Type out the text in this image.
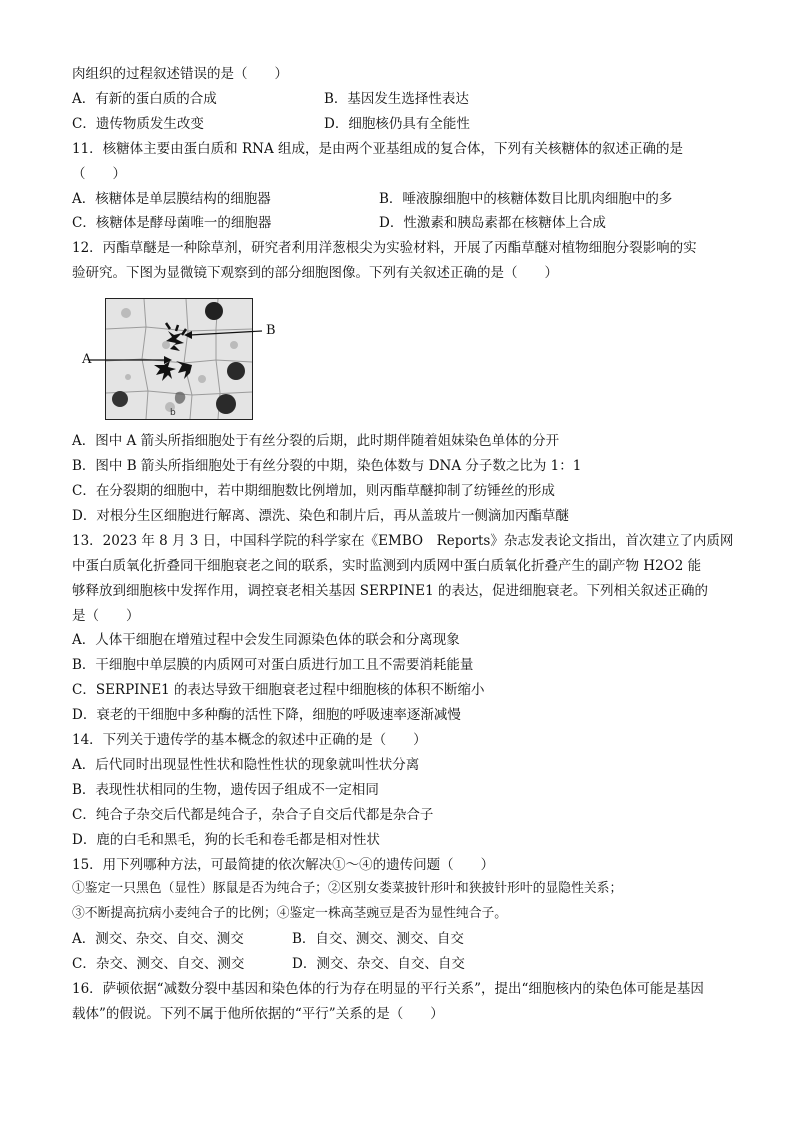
肉组织的过程叙述错误的是（　　）
A．有新的蛋白质的合成	B．基因发生选择性表达
C．遗传物质发生改变	D．细胞核仍具有全能性
11．核糖体主要由蛋白质和 RNA 组成，是由两个亚基组成的复合体，下列有关核糖体的叙述正确的是
（　　）
A．核糖体是单层膜结构的细胞器	B．唾液腺细胞中的核糖体数目比肌肉细胞中的多
C．核糖体是酵母菌唯一的细胞器	D．性激素和胰岛素都在核糖体上合成
12．丙酯草醚是一种除草剂，研究者利用洋葱根尖为实验材料，开展了丙酯草醚对植物细胞分裂影响的实
验研究。下图为显微镜下观察到的部分细胞图像。下列有关叙述正确的是（　　）
b
A
B
A．图中 A 箭头所指细胞处于有丝分裂的后期，此时期伴随着姐妹染色单体的分开
B．图中 B 箭头所指细胞处于有丝分裂的中期，染色体数与 DNA 分子数之比为 1：1
C．在分裂期的细胞中，若中期细胞数比例增加，则丙酯草醚抑制了纺锤丝的形成
D．对根分生区细胞进行解离、漂洗、染色和制片后，再从盖玻片一侧滴加丙酯草醚
13．2023 年 8 月 3 日，中国科学院的科学家在《EMBO　Reports》杂志发表论文指出，首次建立了内质网
中蛋白质氧化折叠同干细胞衰老之间的联系，实时监测到内质网中蛋白质氧化折叠产生的副产物 H2O2 能
够释放到细胞核中发挥作用，调控衰老相关基因 SERPINE1 的表达，促进细胞衰老。下列相关叙述正确的
是（　　）
A．人体干细胞在增殖过程中会发生同源染色体的联会和分离现象
B．干细胞中单层膜的内质网可对蛋白质进行加工且不需要消耗能量
C．SERPINE1 的表达导致干细胞衰老过程中细胞核的体积不断缩小
D．衰老的干细胞中多种酶的活性下降，细胞的呼吸速率逐渐减慢
14．下列关于遗传学的基本概念的叙述中正确的是（　　）
A．后代同时出现显性性状和隐性性状的现象就叫性状分离
B．表现性状相同的生物，遗传因子组成不一定相同
C．纯合子杂交后代都是纯合子，杂合子自交后代都是杂合子
D．鹿的白毛和黑毛，狗的长毛和卷毛都是相对性状
15．用下列哪种方法，可最简捷的依次解决①～④的遗传问题（　　）
①鉴定一只黑色（显性）豚鼠是否为纯合子；②区别女娄菜披针形叶和狭披针形叶的显隐性关系；
③不断提高抗病小麦纯合子的比例；④鉴定一株高茎豌豆是否为显性纯合子。
A．测交、杂交、自交、测交	B．自交、测交、测交、自交
C．杂交、测交、自交、测交	D．测交、杂交、自交、自交
16．萨顿依据“减数分裂中基因和染色体的行为存在明显的平行关系”，提出“细胞核内的染色体可能是基因
载体”的假说。下列不属于他所依据的“平行”关系的是（　　）
